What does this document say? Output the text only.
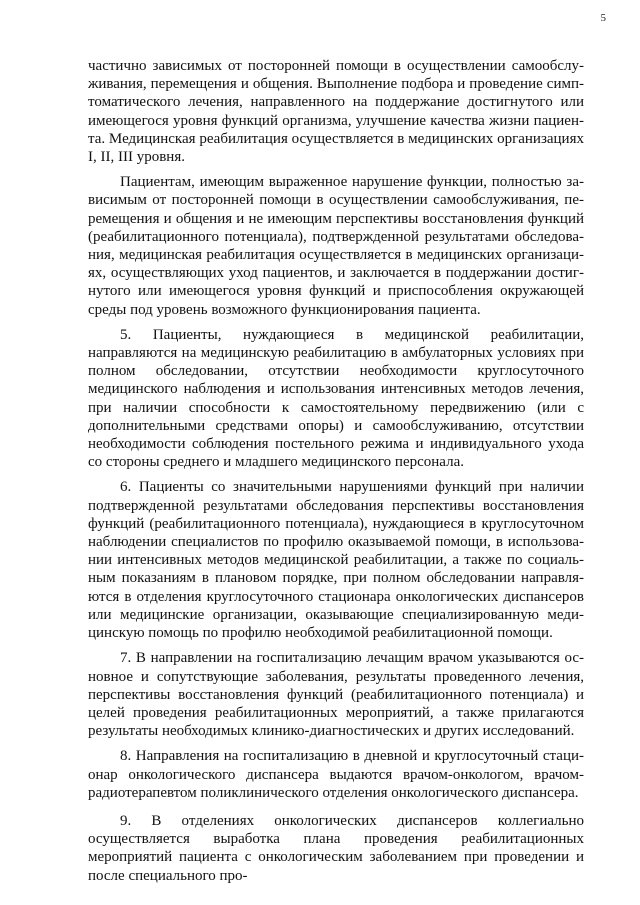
5

частично зависимых от посторонней помощи в осуществлении самообслуживания, перемещения и общения. Выполнение подбора и проведение симптоматического лечения, направленного на поддержание достигнутого или имеющегося уровня функций организма, улучшение качества жизни пациента. Медицинская реабилитация осуществляется в медицинских организациях I, II, III уровня.

Пациентам, имеющим выраженное нарушение функции, полностью зависимым от посторонней помощи в осуществлении самообслуживания, перемещения и общения и не имеющим перспективы восстановления функций (реабилитационного потенциала), подтвержденной результатами обследования, медицинская реабилитация осуществляется в медицинских организациях, осуществляющих уход пациентов, и заключается в поддержании достигнутого или имеющегося уровня функций и приспособления окружающей среды под уровень возможного функционирования пациента.

5. Пациенты, нуждающиеся в медицинской реабилитации, направляются на медицинскую реабилитацию в амбулаторных условиях при полном обследовании, отсутствии необходимости круглосуточного медицинского наблюдения и использования интенсивных методов лечения, при наличии способности к самостоятельному передвижению (или с дополнительными средствами опоры) и самообслуживанию, отсутствии необходимости соблюдения постельного режима и индивидуального ухода со стороны среднего и младшего медицинского персонала.

6. Пациенты со значительными нарушениями функций при наличии подтвержденной результатами обследования перспективы восстановления функций (реабилитационного потенциала), нуждающиеся в круглосуточном наблюдении специалистов по профилю оказываемой помощи, в использовании интенсивных методов медицинской реабилитации, а также по социальным показаниям в плановом порядке, при полном обследовании направляются в отделения круглосуточного стационара онкологических диспансеров или медицинские организации, оказывающие специализированную медицинскую помощь по профилю необходимой реабилитационной помощи.

7. В направлении на госпитализацию лечащим врачом указываются основное и сопутствующие заболевания, результаты проведенного лечения, перспективы восстановления функций (реабилитационного потенциала) и целей проведения реабилитационных мероприятий, а также прилагаются результаты необходимых клинико-диагностических и других исследований.

8. Направления на госпитализацию в дневной и круглосуточный стационар онкологического диспансера выдаются врачом-онкологом, врачом-радиотерапевтом поликлинического отделения онкологического диспансера.

9. В отделениях онкологических диспансеров коллегиально осуществляется выработка плана проведения реабилитационных мероприятий пациента с онкологическим заболеванием при проведении и после специального про-
